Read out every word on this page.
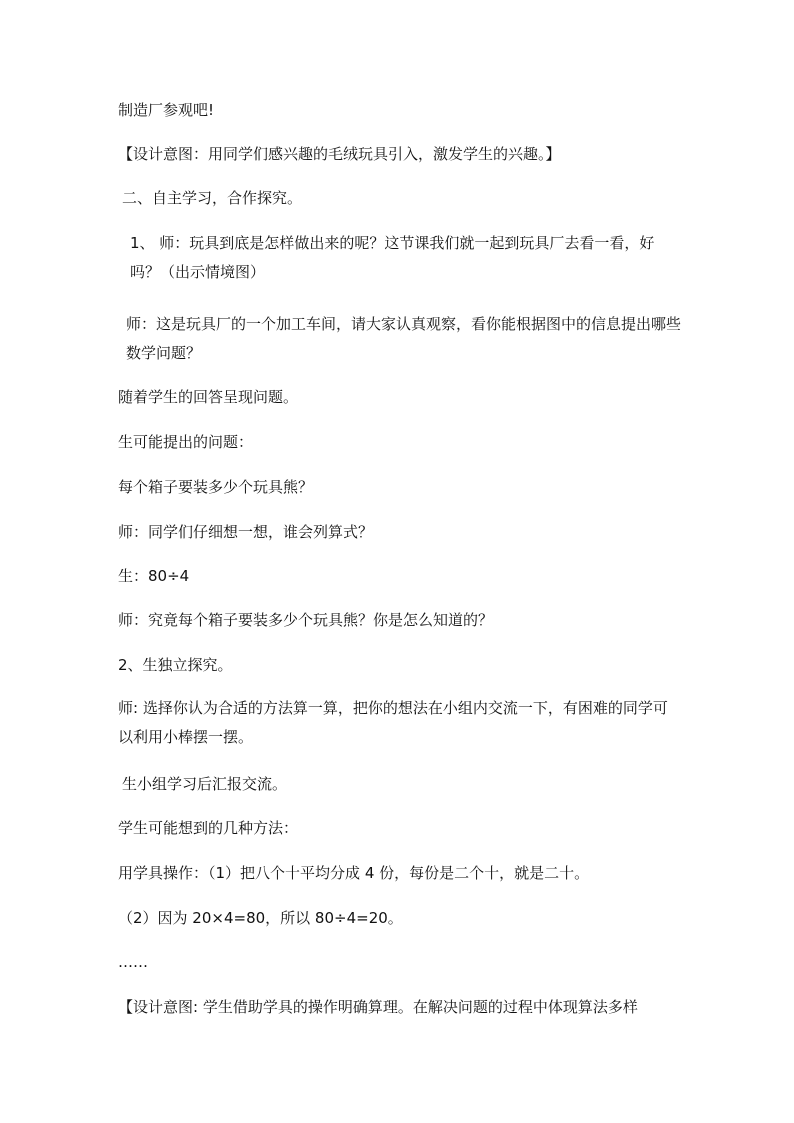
制造厂参观吧!
【设计意图：用同学们感兴趣的毛绒玩具引入，激发学生的兴趣。】
二、自主学习，合作探究。
1、 师：玩具到底是怎样做出来的呢？这节课我们就一起到玩具厂去看一看，好吗？（出示情境图）
师：这是玩具厂的一个加工车间，请大家认真观察，看你能根据图中的信息提出哪些数学问题？
随着学生的回答呈现问题。
生可能提出的问题：
每个箱子要装多少个玩具熊？
师：同学们仔细想一想，谁会列算式？
生：80÷4
师：究竟每个箱子要装多少个玩具熊？你是怎么知道的？
2、生独立探究。
师: 选择你认为合适的方法算一算，把你的想法在小组内交流一下，有困难的同学可以利用小棒摆一摆。
生小组学习后汇报交流。
学生可能想到的几种方法：
用学具操作：（1）把八个十平均分成 4 份，每份是二个十，就是二十。
（2）因为 20×4=80，所以 80÷4=20。
……
【设计意图: 学生借助学具的操作明确算理。在解决问题的过程中体现算法多样
